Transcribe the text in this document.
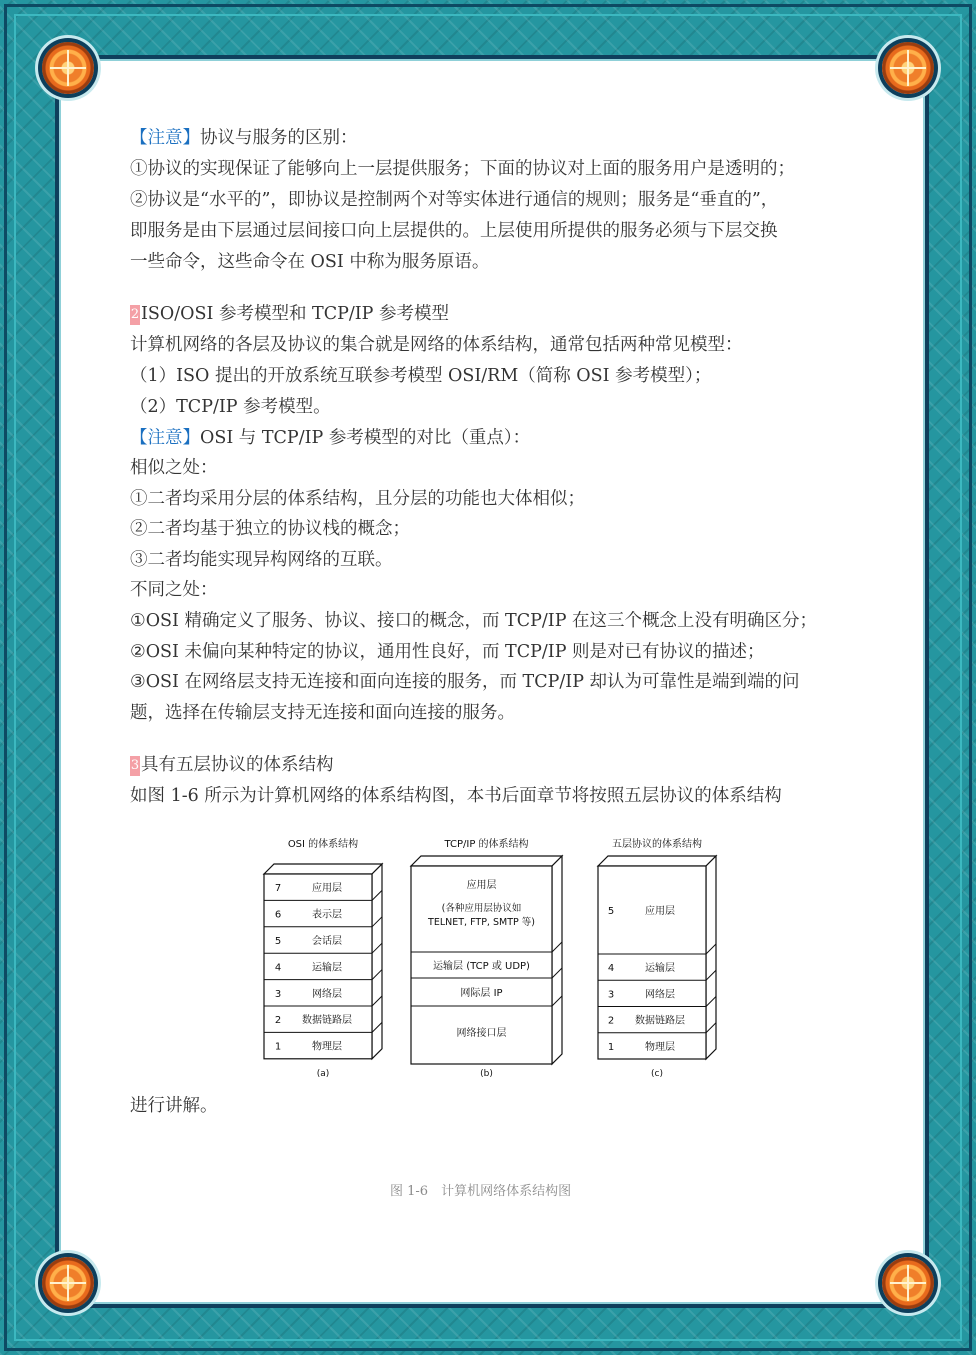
【注意】协议与服务的区别：
①协议的实现保证了能够向上一层提供服务；下面的协议对上面的服务用户是透明的；
②协议是“水平的”，即协议是控制两个对等实体进行通信的规则；服务是“垂直的”，
即服务是由下层通过层间接口向上层提供的。上层使用所提供的服务必须与下层交换
一些命令，这些命令在 OSI 中称为服务原语。
2 ISO/OSI 参考模型和 TCP/IP 参考模型
计算机网络的各层及协议的集合就是网络的体系结构，通常包括两种常见模型：
（1）ISO 提出的开放系统互联参考模型 OSI/RM（简称 OSI 参考模型）；
（2）TCP/IP 参考模型。
【注意】OSI 与 TCP/IP 参考模型的对比（重点）：
相似之处：
①二者均采用分层的体系结构，且分层的功能也大体相似；
②二者均基于独立的协议栈的概念；
③二者均能实现异构网络的互联。
不同之处：
①OSI 精确定义了服务、协议、接口的概念，而 TCP/IP 在这三个概念上没有明确区分；
②OSI 未偏向某种特定的协议，通用性良好，而 TCP/IP 则是对已有协议的描述；
③OSI 在网络层支持无连接和面向连接的服务，而 TCP/IP 却认为可靠性是端到端的问
题，选择在传输层支持无连接和面向连接的服务。
3 具有五层协议的体系结构
如图 1-6 所示为计算机网络的体系结构图，本书后面章节将按照五层协议的体系结构
进行讲解。
OSI 的体系结构
7	应用层
6	表示层
5	会话层
4	运输层
3	网络层
2 数据链路层
1	物理层
(a)
TCP/IP 的体系结构
应用层
(各种应用层协议如
TELNET, FTP, SMTP 等)
运输层 (TCP 或 UDP)
网际层 IP
网络接口层
(b)
五层协议的体系结构
5	应用层
4	运输层
3	网络层
2 数据链路层
1	物理层
(c)
图 1-6　计算机网络体系结构图
